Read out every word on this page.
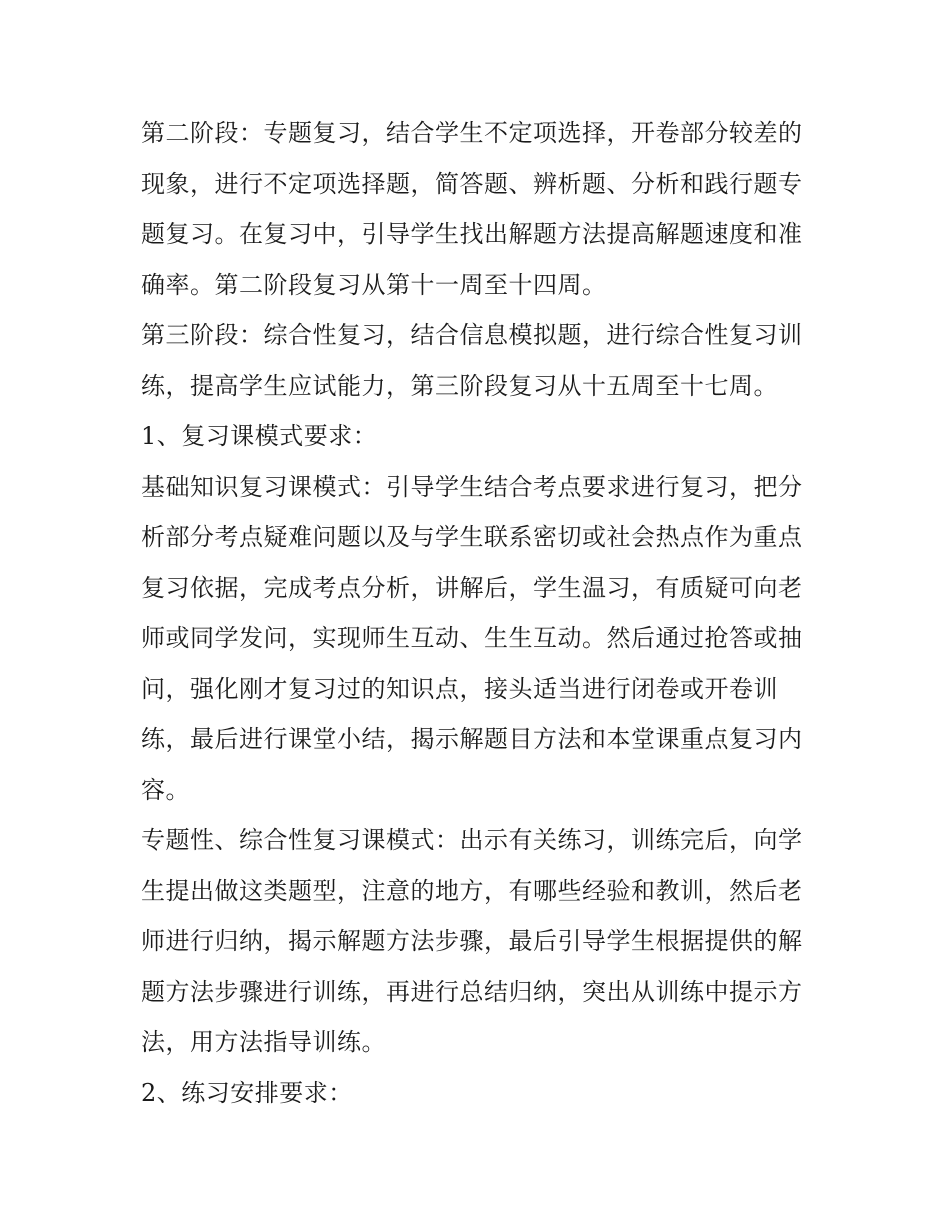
第二阶段：专题复习，结合学生不定项选择，开卷部分较差的
现象，进行不定项选择题，简答题、辨析题、分析和践行题专
题复习。在复习中，引导学生找出解题方法提高解题速度和准
确率。第二阶段复习从第十一周至十四周。
第三阶段：综合性复习，结合信息模拟题，进行综合性复习训
练，提高学生应试能力，第三阶段复习从十五周至十七周。
1、复习课模式要求：
基础知识复习课模式：引导学生结合考点要求进行复习，把分
析部分考点疑难问题以及与学生联系密切或社会热点作为重点
复习依据，完成考点分析，讲解后，学生温习，有质疑可向老
师或同学发问，实现师生互动、生生互动。然后通过抢答或抽
问，强化刚才复习过的知识点，接头适当进行闭卷或开卷训
练，最后进行课堂小结，揭示解题目方法和本堂课重点复习内
容。
专题性、综合性复习课模式：出示有关练习，训练完后，向学
生提出做这类题型，注意的地方，有哪些经验和教训，然后老
师进行归纳，揭示解题方法步骤，最后引导学生根据提供的解
题方法步骤进行训练，再进行总结归纳，突出从训练中提示方
法，用方法指导训练。
2、练习安排要求：
